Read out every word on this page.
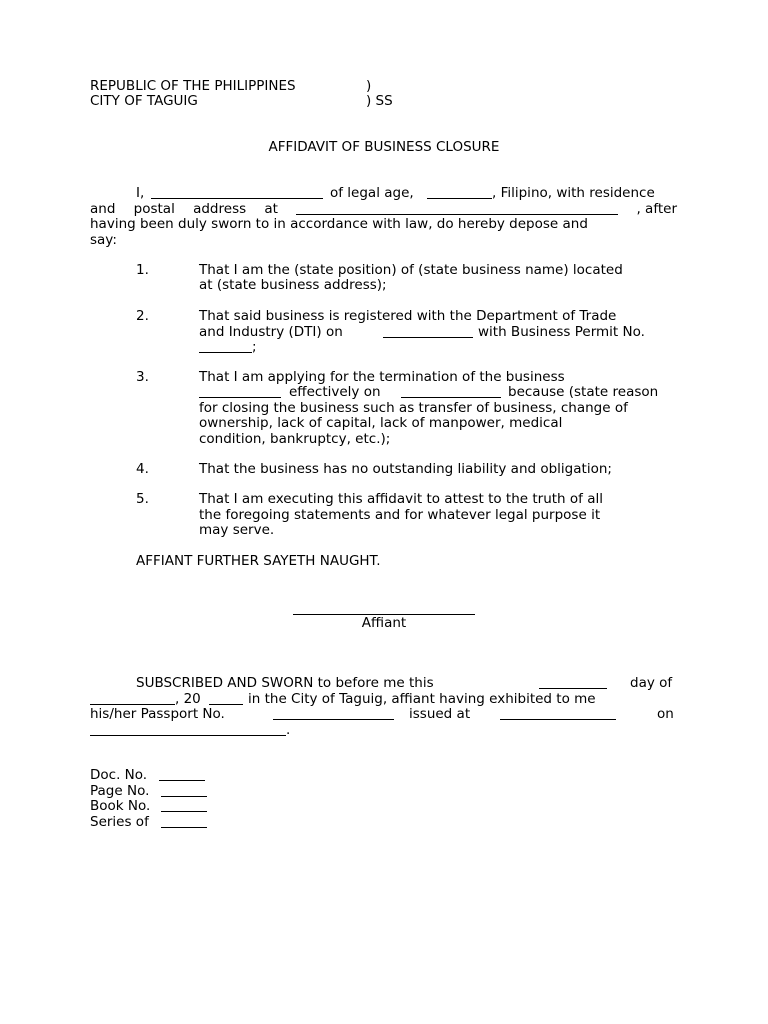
REPUBLIC OF THE PHILIPPINES	)
CITY OF TAGUIG	) SS
AFFIDAVIT OF BUSINESS CLOSURE
I,	of legal age,	, Filipino, with residence
and postal address at	, after
having been duly sworn to in accordance with law, do hereby depose and
say:
1.	That I am the (state position) of (state business name) located
at (state business address);
2.	That said business is registered with the Department of Trade
and Industry (DTI) on	with Business Permit No.
;
3.	That I am applying for the termination of the business
effectively on	because (state reason
for closing the business such as transfer of business, change of
ownership, lack of capital, lack of manpower, medical
condition, bankruptcy, etc.);
4.	That the business has no outstanding liability and obligation;
5.	That I am executing this affidavit to attest to the truth of all
the foregoing statements and for whatever legal purpose it
may serve.
AFFIANT FURTHER SAYETH NAUGHT.
Affiant
SUBSCRIBED AND SWORN to before me this	day of
, 20	in the City of Taguig, affiant having exhibited to me
his/her Passport No.	issued at	on
.
Doc. No.
Page No.
Book No.
Series of
